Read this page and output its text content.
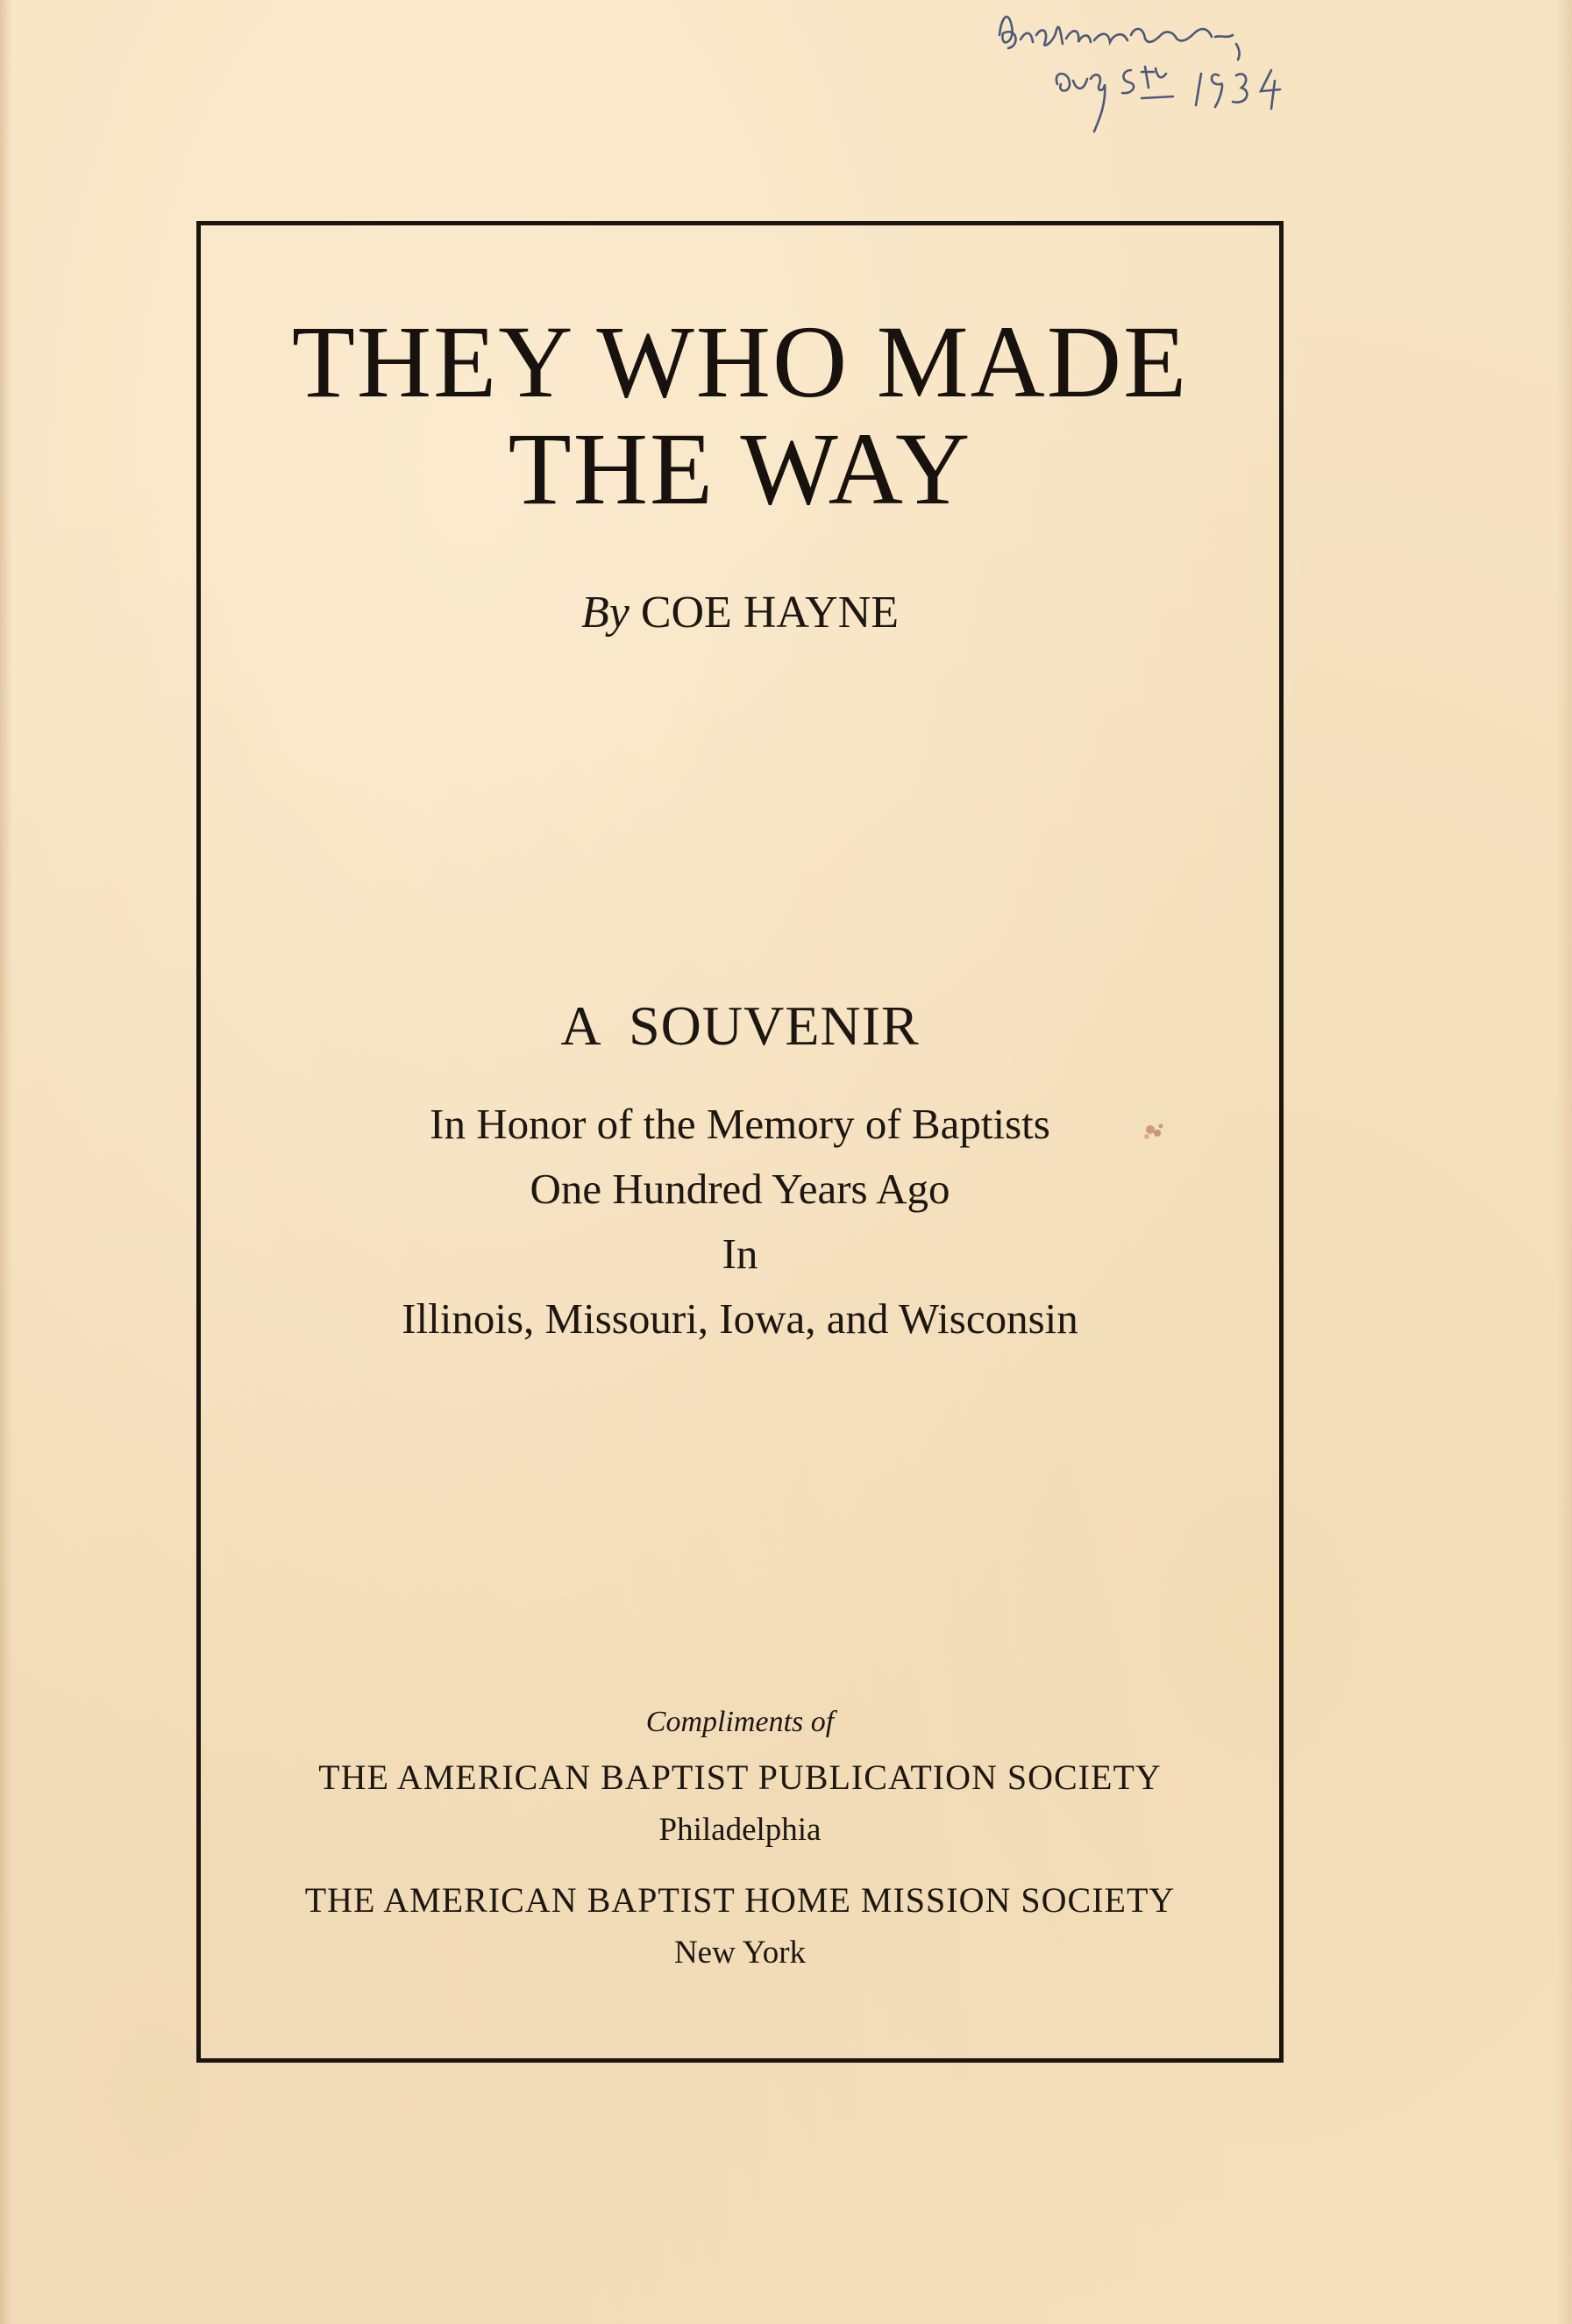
THEY WHO MADE
THE WAY
By COE HAYNE
A  SOUVENIR
In Honor of the Memory of Baptists
One Hundred Years Ago
In
Illinois, Missouri, Iowa, and Wisconsin
Compliments of
THE AMERICAN BAPTIST PUBLICATION SOCIETY
Philadelphia
THE AMERICAN BAPTIST HOME MISSION SOCIETY
New York
